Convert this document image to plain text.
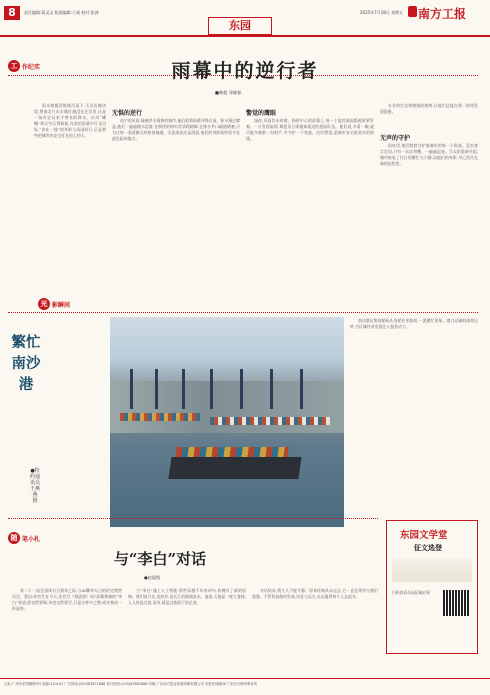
8	责任编辑:蒋灵灵 版面编辑:王威 校对:张茜
东园
2025年7月18日 星期五 南方工报
工 作纪实	雨幕中的逆行者
■韩超 邓晓春

雨未如瓢泼般倾泻而下,天河仿佛决堤,将南北片东半城区淹没在汪洋里,这是一场有史以来不曾有的降水。台风“蝴蝶”将天空压得极低,乌黑的雨幕中灯光闪烁,“冲在一线”的身影与风雨同行,正是那些把城市的安全扛在肩上的人。

无惧的逆行

南宁的风雨,像被洪水裹挟的城市,他们迎着雨幕冲锋在前。积水漫过膝盖,他们一遍遍蹚水巡查,在倒伏的树木旁清理路障,在排水井口疏通堵塞,只为让每一条道路尽快恢复畅通。无论深夜还是清晨,他们的身影始终坚守在最危险的地方。

警觉的鹰眼

深夜,风雨仍未停歇。指挥中心的屏幕上,每一个监控画面都被紧紧盯着。一旦发现险情,调度员立即通知就近的抢险队伍。他们说,多看一眼,就可能多挽救一份财产,多守护一个家庭。这份警觉,是城市安全最坚实的防线。

专业的打光和敏锐的观察,让他们总能在第一时间发现隐患。

无声的守护

雨夜里,他们默默守护着城市的每一个角落。没有豪言壮语,只有一次次弯腰、一遍遍巡查。当太阳重新升起,城市恢复了往日的繁忙与宁静,而他们的身影,早已消失在新的征程里。

光 影瞬间
繁忙南沙港
●特约通讯员 王燕燕 摄

南沙港区集装箱码头货轮往来如织,一派繁忙景象。港口运输的高效运转,为区域经济发展注入强劲动力。

东园文学堂
征文选登
扫码查看东园征稿启事
随 笔小札
与“李白”对话
●赵晨凯

第二十一届全国读书日到来之际,与AI聊李太白的约定悄然而至。我问:你若生在今天,还会写《将进酒》吗?屏幕那端的“李白”答道:酒自然要喝,诗也自然要写,只是这杯中之物,或许换成一杯清茶。

当“李白”遇上人工智能,那些穿越千年的诗句,仿佛有了新的回响。我们谈月光,谈故乡,谈长江的滚滚流水。他说,天地是一座大客栈,人人皆是过客,而诗,就是过客留下的足迹。

对话结束,我久久不能平静。原来经典从未远去,它一直在等待与我们重逢。不管科技如何发展,诗意与远方,永远值得每个人去追寻。

社址:广州市东园横路5号 邮编:510101 广告热线:(020)83871688 发行热线:(020)83883688 印刷:广东南方报业传媒印刷有限公司 本报法律顾问:广东经天律师事务所
